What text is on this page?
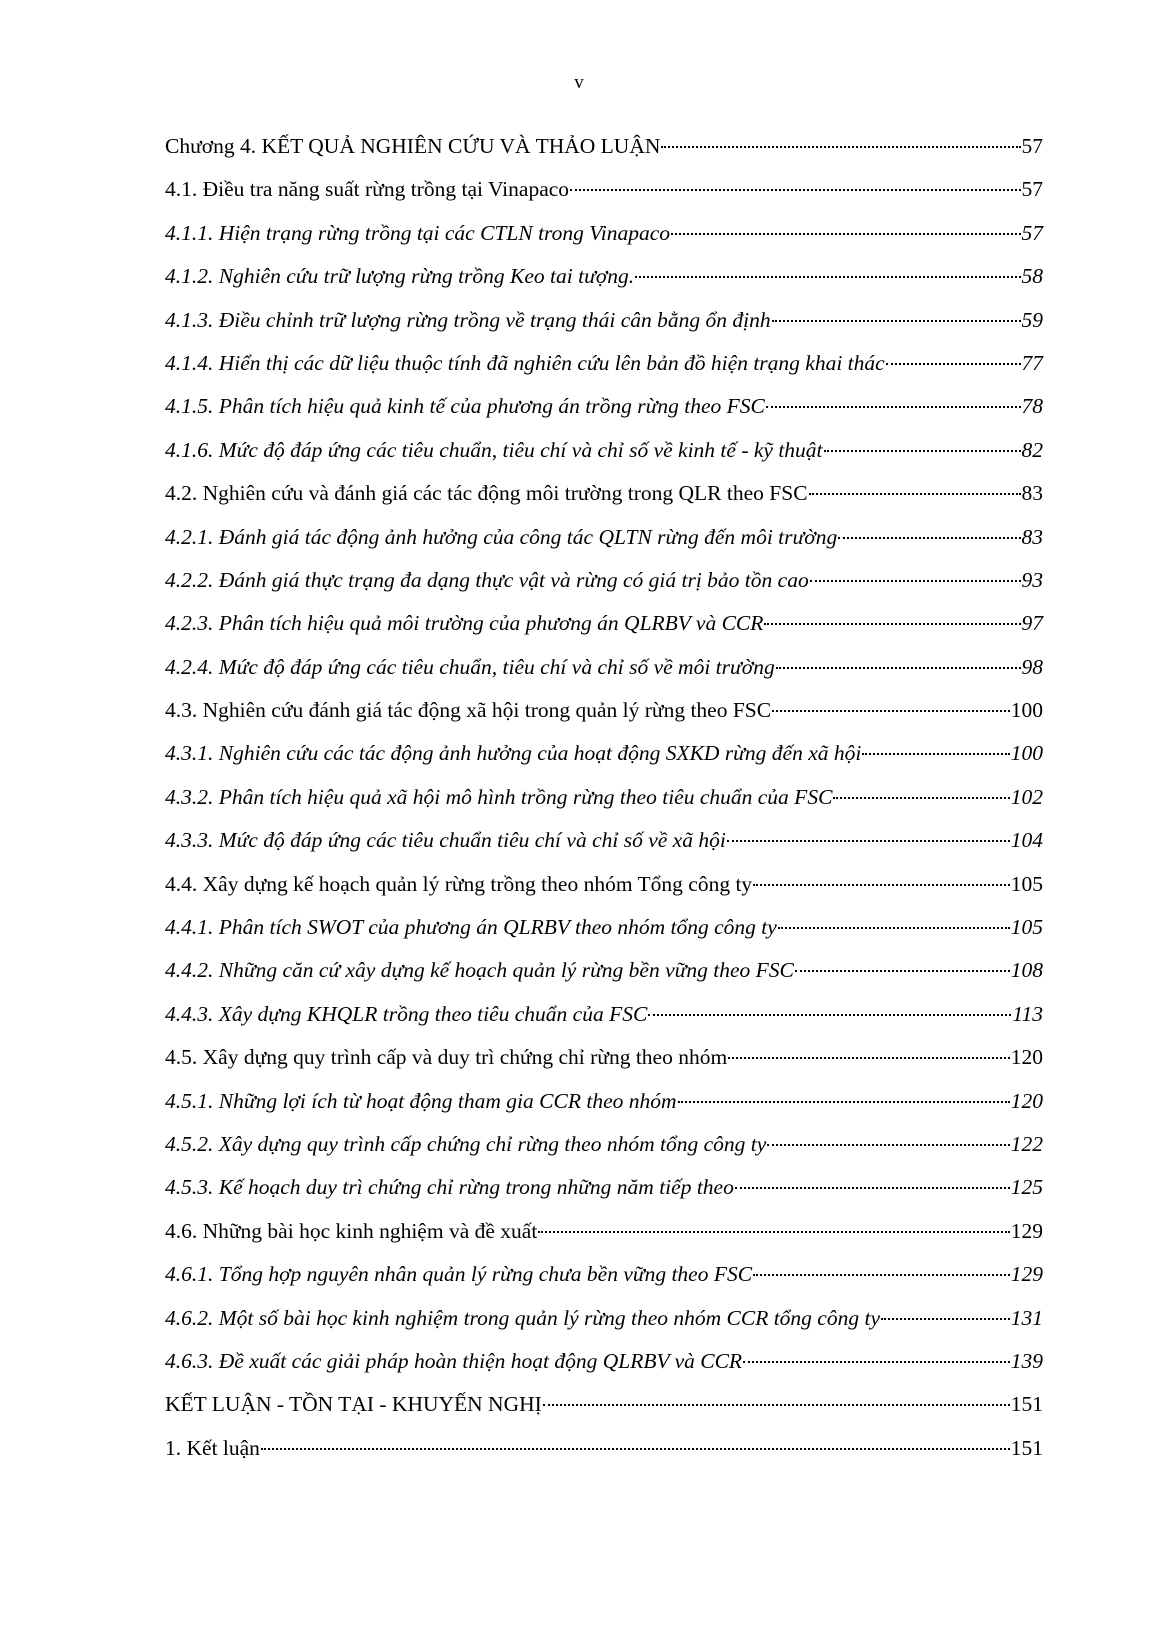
v
Chương 4. KẾT QUẢ NGHIÊN CỨU VÀ THẢO LUẬN	57
4.1. Điều tra năng suất rừng trồng tại Vinapaco	57
4.1.1. Hiện trạng rừng trồng tại các CTLN trong Vinapaco	57
4.1.2. Nghiên cứu trữ lượng rừng trồng Keo tai tượng.	58
4.1.3. Điều chỉnh trữ lượng rừng trồng về trạng thái cân bằng ổn định	59
4.1.4. Hiển thị các dữ liệu thuộc tính đã nghiên cứu lên bản đồ hiện trạng khai thác	77
4.1.5. Phân tích hiệu quả kinh tế của phương án trồng rừng theo FSC	78
4.1.6. Mức độ đáp ứng các tiêu chuẩn, tiêu chí và chỉ số về kinh tế - kỹ thuật	82
4.2. Nghiên cứu và đánh giá các tác động môi trường trong QLR theo FSC	83
4.2.1. Đánh giá tác động ảnh hưởng của công tác QLTN rừng đến môi trường	83
4.2.2. Đánh giá thực trạng đa dạng thực vật và rừng có giá trị bảo tồn cao	93
4.2.3. Phân tích hiệu quả môi trường của phương án QLRBV và CCR	97
4.2.4. Mức độ đáp ứng các tiêu chuẩn, tiêu chí và chỉ số về môi trường	98
4.3. Nghiên cứu đánh giá tác động xã hội trong quản lý rừng theo FSC	100
4.3.1. Nghiên cứu các tác động ảnh hưởng của hoạt động SXKD rừng đến xã hội	100
4.3.2. Phân tích hiệu quả xã hội mô hình trồng rừng theo tiêu chuẩn của FSC	102
4.3.3. Mức độ đáp ứng các tiêu chuẩn tiêu chí và chỉ số về xã hội	104
4.4. Xây dựng kế hoạch quản lý rừng trồng theo nhóm Tổng công ty	105
4.4.1. Phân tích SWOT của phương án QLRBV theo nhóm tổng công ty	105
4.4.2. Những căn cứ xây dựng kế hoạch quản lý rừng bền vững theo FSC	108
4.4.3. Xây dựng KHQLR trồng theo tiêu chuẩn của FSC	113
4.5. Xây dựng quy trình cấp và duy trì chứng chỉ rừng theo nhóm	120
4.5.1. Những lợi ích từ hoạt động tham gia CCR theo nhóm	120
4.5.2. Xây dựng quy trình cấp chứng chỉ rừng theo nhóm tổng công ty	122
4.5.3. Kế hoạch duy trì chứng chỉ rừng trong những năm tiếp theo	125
4.6. Những bài học kinh nghiệm và đề xuất	129
4.6.1. Tổng hợp nguyên nhân quản lý rừng chưa bền vững theo FSC	129
4.6.2. Một số bài học kinh nghiệm trong quản lý rừng theo nhóm CCR tổng công ty	131
4.6.3. Đề xuất các giải pháp hoàn thiện hoạt động QLRBV và CCR	139
KẾT LUẬN - TỒN TẠI - KHUYẾN NGHỊ	151
1. Kết luận	151
